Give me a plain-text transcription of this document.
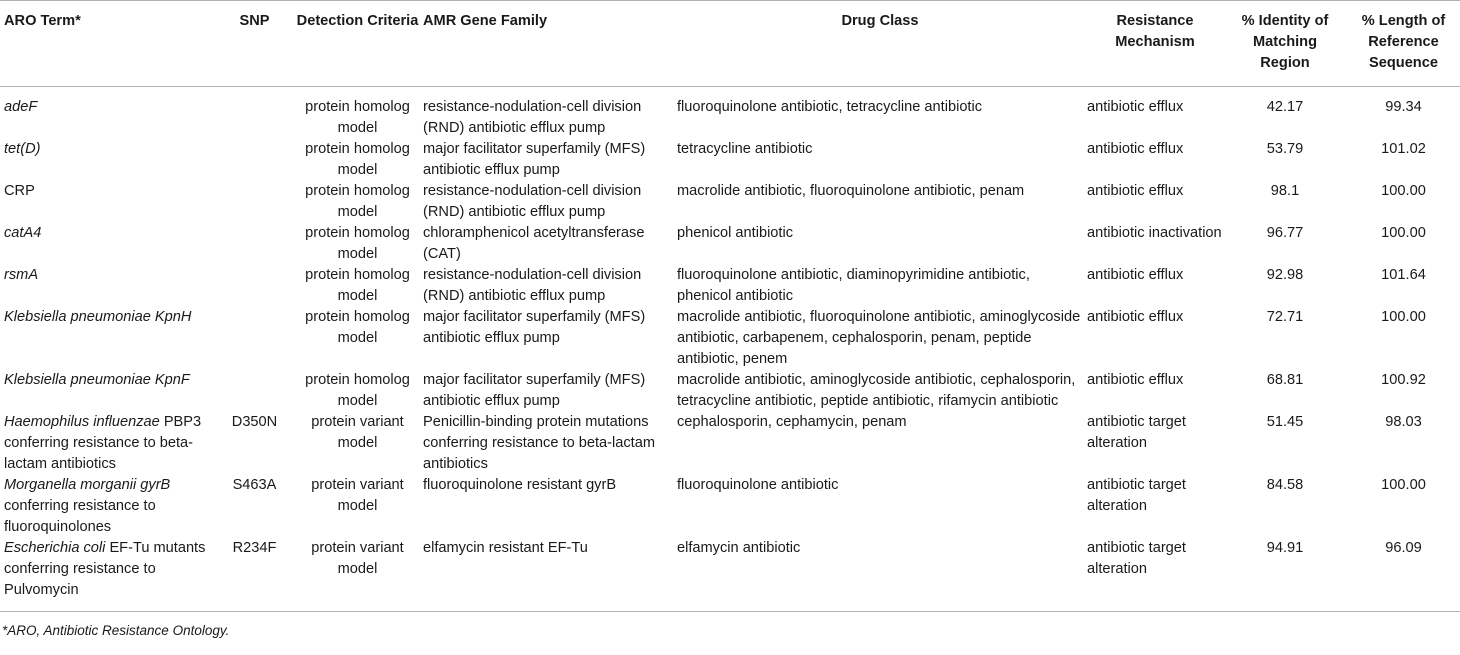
ARO Term*	SNP	Detection Criteria	AMR Gene Family	Drug Class	Resistance Mechanism	% Identity of Matching Region	% Length of Reference Sequence
adeF		protein homolog model	resistance-nodulation-cell division (RND) antibiotic efflux pump	fluoroquinolone antibiotic, tetracycline antibiotic	antibiotic efflux	42.17	99.34
tet(D)		protein homolog model	major facilitator superfamily (MFS) antibiotic efflux pump	tetracycline antibiotic	antibiotic efflux	53.79	101.02
CRP		protein homolog model	resistance-nodulation-cell division (RND) antibiotic efflux pump	macrolide antibiotic, fluoroquinolone antibiotic, penam	antibiotic efflux	98.1	100.00
catA4		protein homolog model	chloramphenicol acetyltransferase (CAT)	phenicol antibiotic	antibiotic inactivation	96.77	100.00
rsmA		protein homolog model	resistance-nodulation-cell division (RND) antibiotic efflux pump	fluoroquinolone antibiotic, diaminopyrimidine antibiotic, phenicol antibiotic	antibiotic efflux	92.98	101.64
Klebsiella pneumoniae KpnH		protein homolog model	major facilitator superfamily (MFS) antibiotic efflux pump	macrolide antibiotic, fluoroquinolone antibiotic, aminoglycoside antibiotic, carbapenem, cephalosporin, penam, peptide antibiotic, penem	antibiotic efflux	72.71	100.00
Klebsiella pneumoniae KpnF		protein homolog model	major facilitator superfamily (MFS) antibiotic efflux pump	macrolide antibiotic, aminoglycoside antibiotic, cephalosporin, tetracycline antibiotic, peptide antibiotic, rifamycin antibiotic	antibiotic efflux	68.81	100.92
Haemophilus influenzae PBP3 conferring resistance to beta-lactam antibiotics	D350N	protein variant model	Penicillin-binding protein mutations conferring resistance to beta-lactam antibiotics	cephalosporin, cephamycin, penam	antibiotic target alteration	51.45	98.03
Morganella morganii gyrB conferring resistance to fluoroquinolones	S463A	protein variant model	fluoroquinolone resistant gyrB	fluoroquinolone antibiotic	antibiotic target alteration	84.58	100.00
Escherichia coli EF-Tu mutants conferring resistance to Pulvomycin	R234F	protein variant model	elfamycin resistant EF-Tu	elfamycin antibiotic	antibiotic target alteration	94.91	96.09
*ARO, Antibiotic Resistance Ontology.
